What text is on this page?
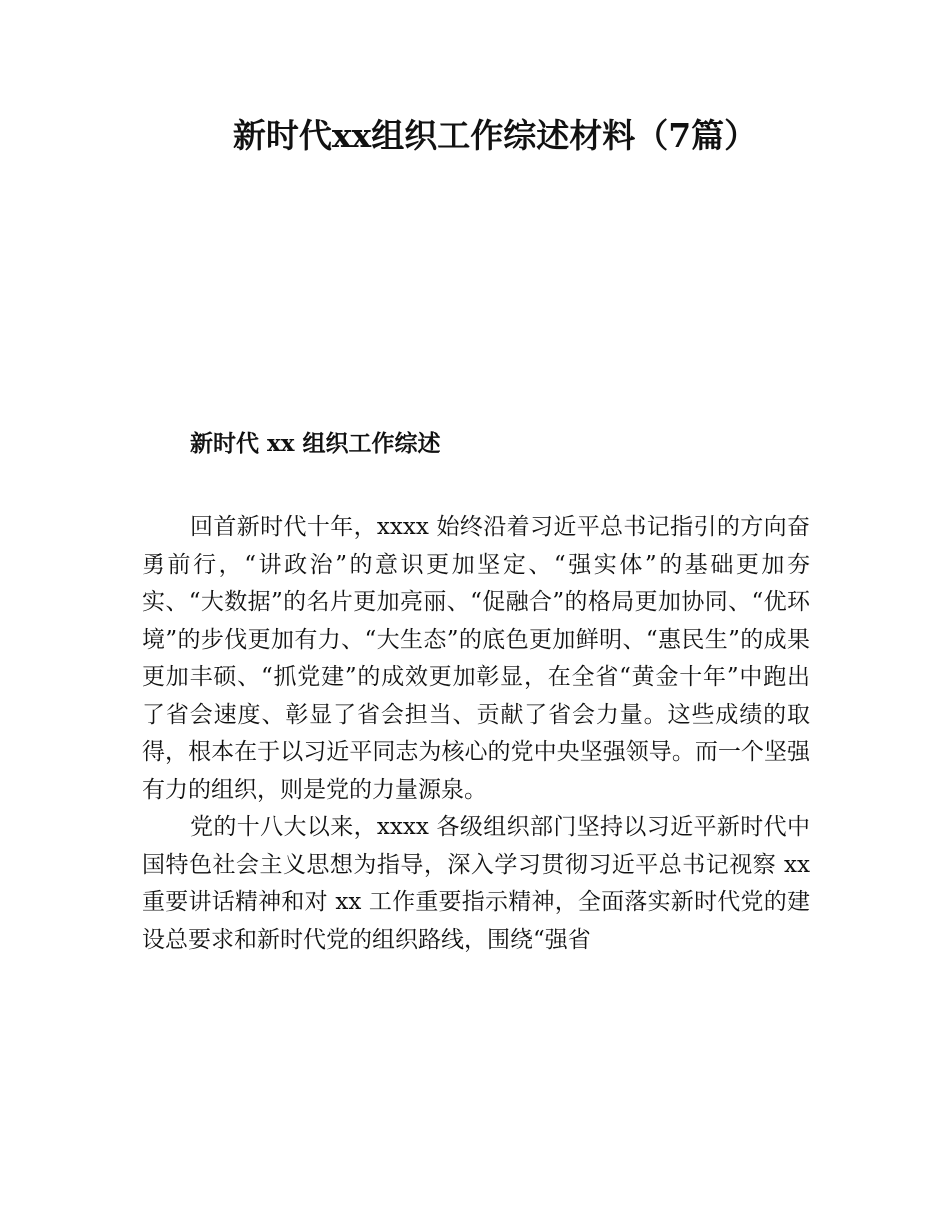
新时代xx组织工作综述材料（7篇）
新时代 xx 组织工作综述

回首新时代十年，xxxx 始终沿着习近平总书记指引的方向奋勇前行，“讲政治”的意识更加坚定、“强实体”的基础更加夯实、“大数据”的名片更加亮丽、“促融合”的格局更加协同、“优环境”的步伐更加有力、“大生态”的底色更加鲜明、“惠民生”的成果更加丰硕、“抓党建”的成效更加彰显，在全省“黄金十年”中跑出了省会速度、彰显了省会担当、贡献了省会力量。这些成绩的取得，根本在于以习近平同志为核心的党中央坚强领导。而一个坚强有力的组织，则是党的力量源泉。

党的十八大以来，xxxx 各级组织部门坚持以习近平新时代中国特色社会主义思想为指导，深入学习贯彻习近平总书记视察 xx 重要讲话精神和对 xx 工作重要指示精神，全面落实新时代党的建设总要求和新时代党的组织路线，围绕“强省
